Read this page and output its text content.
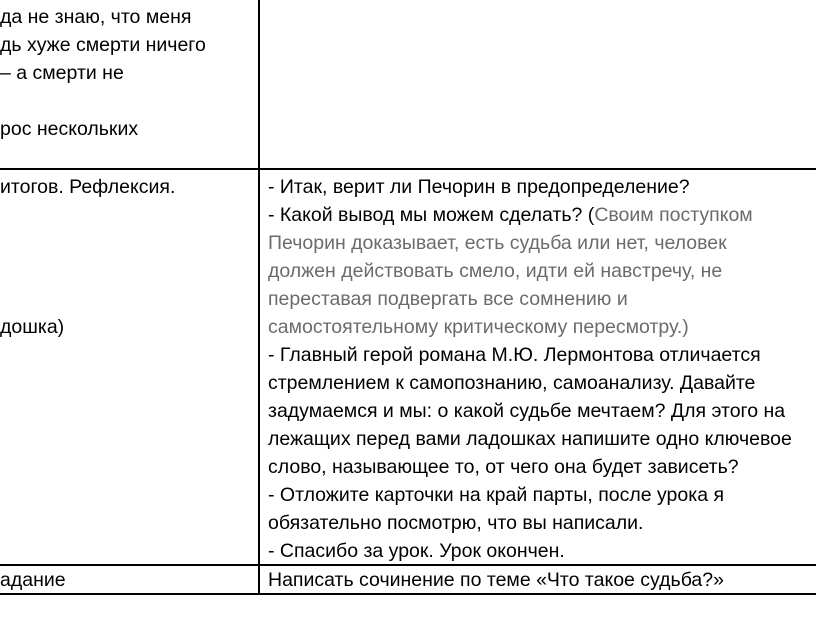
да не знаю, что меня
дь хуже смерти ничего
– а смерти не
рос нескольких
итогов. Рефлексия.
дошка)
- Итак, верит ли Печорин в предопределение?
- Какой вывод мы можем сделать? (Своим поступком
Печорин доказывает, есть судьба или нет, человек
должен действовать смело, идти ей навстречу, не
переставая подвергать все сомнению и
самостоятельному критическому пересмотру.)
- Главный герой романа М.Ю. Лермонтова отличается
стремлением к самопознанию, самоанализу. Давайте
задумаемся и мы: о какой судьбе мечтаем? Для этого на
лежащих перед вами ладошках напишите одно ключевое
слово, называющее то, от чего она будет зависеть?
- Отложите карточки на край парты, после урока я
обязательно посмотрю, что вы написали.
- Спасибо за урок. Урок окончен.
адание	Написать сочинение по теме «Что такое судьба?»
